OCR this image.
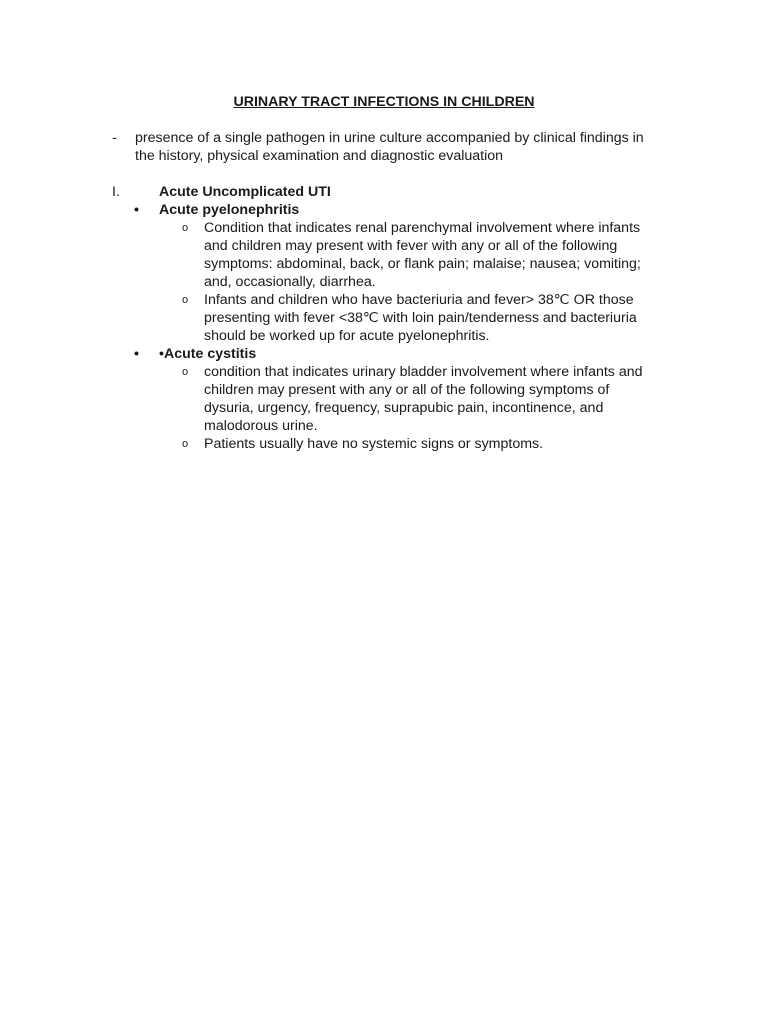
URINARY TRACT INFECTIONS IN CHILDREN
- presence of a single pathogen in urine culture accompanied by clinical findings in
the history, physical examination and diagnostic evaluation
I.	Acute Uncomplicated UTI
• Acute pyelonephritis
o Condition that indicates renal parenchymal involvement where infants
and children may present with fever with any or all of the following
symptoms: abdominal, back, or flank pain; malaise; nausea; vomiting;
and, occasionally, diarrhea.
o Infants and children who have bacteriuria and fever> 38℃ OR those
presenting with fever <38℃ with loin pain/tenderness and bacteriuria
should be worked up for acute pyelonephritis.
• •Acute cystitis
o condition that indicates urinary bladder involvement where infants and
children may present with any or all of the following symptoms of
dysuria, urgency, frequency, suprapubic pain, incontinence, and
malodorous urine.
o Patients usually have no systemic signs or symptoms.
